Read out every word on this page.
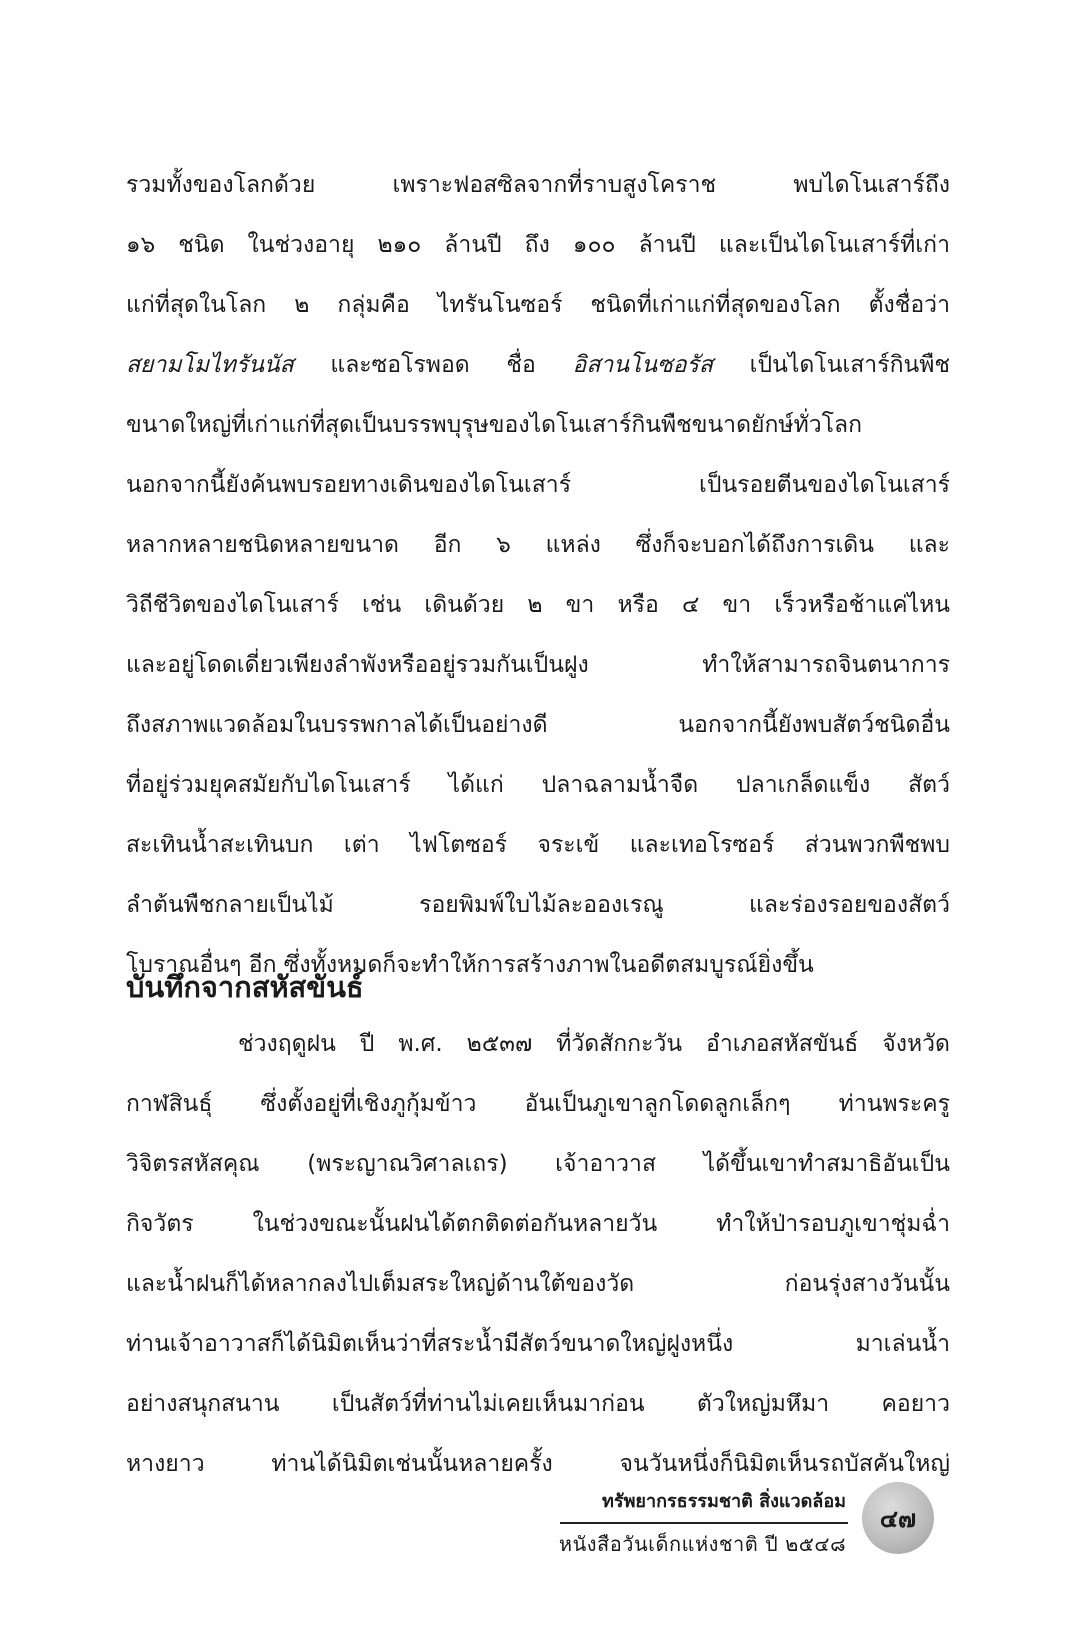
รวมทั้งของโลกด้วย เพราะฟอสซิลจากที่ราบสูงโคราช พบไดโนเสาร์ถึง
๑๖ ชนิด ในช่วงอายุ ๒๑๐ ล้านปี ถึง ๑๐๐ ล้านปี และเป็นไดโนเสาร์ที่เก่า
แก่ที่สุดในโลก ๒ กลุ่มคือ ไทรันโนซอร์ ชนิดที่เก่าแก่ที่สุดของโลก ตั้งชื่อว่า
สยามโมไทรันนัส และซอโรพอด ชื่อ อิสานโนซอรัส เป็นไดโนเสาร์กินพืช
ขนาดใหญ่ที่เก่าแก่ที่สุดเป็นบรรพบุรุษของไดโนเสาร์กินพืชขนาดยักษ์ทั่วโลก
นอกจากนี้ยังค้นพบรอยทางเดินของไดโนเสาร์ เป็นรอยตีนของไดโนเสาร์
หลากหลายชนิดหลายขนาด อีก ๖ แหล่ง ซึ่งก็จะบอกได้ถึงการเดิน และ
วิถีชีวิตของไดโนเสาร์ เช่น เดินด้วย ๒ ขา หรือ ๔ ขา เร็วหรือช้าแค่ไหน
และอยู่โดดเดี่ยวเพียงลำพังหรืออยู่รวมกันเป็นฝูง ทำให้สามารถจินตนาการ
ถึงสภาพแวดล้อมในบรรพกาลได้เป็นอย่างดี นอกจากนี้ยังพบสัตว์ชนิดอื่น
ที่อยู่ร่วมยุคสมัยกับไดโนเสาร์ ได้แก่ ปลาฉลามน้ำจืด ปลาเกล็ดแข็ง สัตว์
สะเทินน้ำสะเทินบก เต่า ไฟโตซอร์ จระเข้ และเทอโรซอร์ ส่วนพวกพืชพบ
ลำต้นพืชกลายเป็นไม้ รอยพิมพ์ใบไม้ละอองเรณู และร่องรอยของสัตว์
โบราณอื่นๆ อีก ซึ่งทั้งหมดก็จะทำให้การสร้างภาพในอดีตสมบูรณ์ยิ่งขึ้น
บันทึกจากสหัสขันธ์
ช่วงฤดูฝน ปี พ.ศ. ๒๕๓๗ ที่วัดสักกะวัน อำเภอสหัสขันธ์ จังหวัด
กาฬสินธุ์ ซึ่งตั้งอยู่ที่เชิงภูกุ้มข้าว อันเป็นภูเขาลูกโดดลูกเล็กๆ ท่านพระครู
วิจิตรสหัสคุณ (พระญาณวิศาลเถร) เจ้าอาวาส ได้ขึ้นเขาทำสมาธิอันเป็น
กิจวัตร ในช่วงขณะนั้นฝนได้ตกติดต่อกันหลายวัน ทำให้ป่ารอบภูเขาชุ่มฉ่ำ
และน้ำฝนก็ได้หลากลงไปเต็มสระใหญ่ด้านใต้ของวัด ก่อนรุ่งสางวันนั้น
ท่านเจ้าอาวาสก็ได้นิมิตเห็นว่าที่สระน้ำมีสัตว์ขนาดใหญ่ฝูงหนึ่ง มาเล่นน้ำ
อย่างสนุกสนาน เป็นสัตว์ที่ท่านไม่เคยเห็นมาก่อน ตัวใหญ่มหึมา คอยาว
หางยาว ท่านได้นิมิตเช่นนั้นหลายครั้ง จนวันหนึ่งก็นิมิตเห็นรถบัสคันใหญ่
ทรัพยากรธรรมชาติ สิ่งแวดล้อม
หนังสือวันเด็กแห่งชาติ ปี ๒๕๔๘
๔๗
